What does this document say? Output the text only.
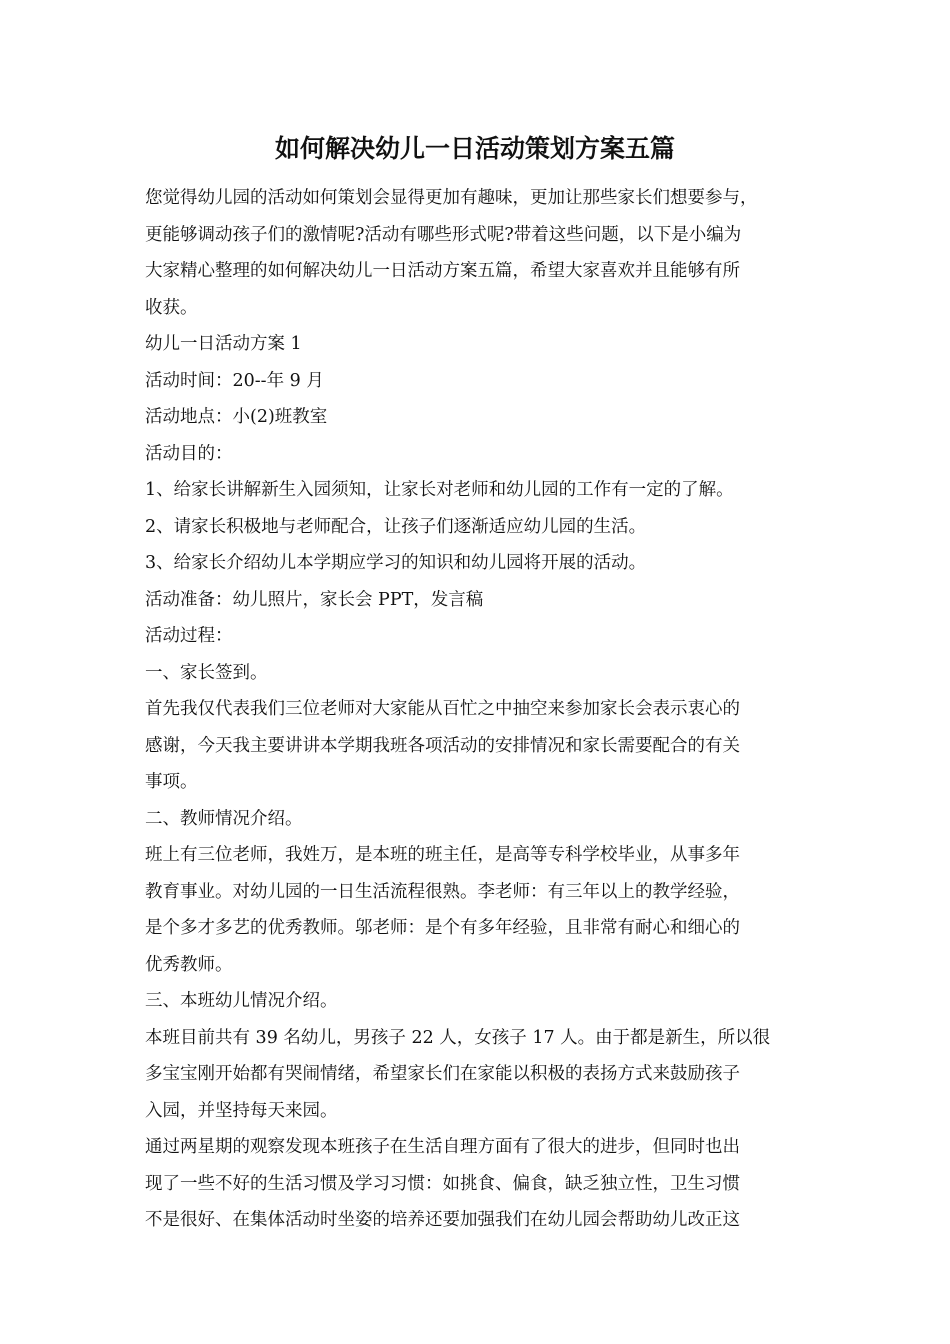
如何解决幼儿一日活动策划方案五篇
您觉得幼儿园的活动如何策划会显得更加有趣味，更加让那些家长们想要参与，
更能够调动孩子们的激情呢?活动有哪些形式呢?带着这些问题，以下是小编为
大家精心整理的如何解决幼儿一日活动方案五篇，希望大家喜欢并且能够有所
收获。
幼儿一日活动方案 1
活动时间：20--年 9 月
活动地点：小(2)班教室
活动目的：
1、给家长讲解新生入园须知，让家长对老师和幼儿园的工作有一定的了解。
2、请家长积极地与老师配合，让孩子们逐渐适应幼儿园的生活。
3、给家长介绍幼儿本学期应学习的知识和幼儿园将开展的活动。
活动准备：幼儿照片，家长会 PPT，发言稿
活动过程：
一、家长签到。
首先我仅代表我们三位老师对大家能从百忙之中抽空来参加家长会表示衷心的
感谢，今天我主要讲讲本学期我班各项活动的安排情况和家长需要配合的有关
事项。
二、教师情况介绍。
班上有三位老师，我姓万，是本班的班主任，是高等专科学校毕业，从事多年
教育事业。对幼儿园的一日生活流程很熟。李老师：有三年以上的教学经验，
是个多才多艺的优秀教师。邬老师：是个有多年经验，且非常有耐心和细心的
优秀教师。
三、本班幼儿情况介绍。
本班目前共有 39 名幼儿，男孩子 22 人，女孩子 17 人。由于都是新生，所以很
多宝宝刚开始都有哭闹情绪，希望家长们在家能以积极的表扬方式来鼓励孩子
入园，并坚持每天来园。
通过两星期的观察发现本班孩子在生活自理方面有了很大的进步，但同时也出
现了一些不好的生活习惯及学习习惯：如挑食、偏食，缺乏独立性，卫生习惯
不是很好、在集体活动时坐姿的培养还要加强我们在幼儿园会帮助幼儿改正这
